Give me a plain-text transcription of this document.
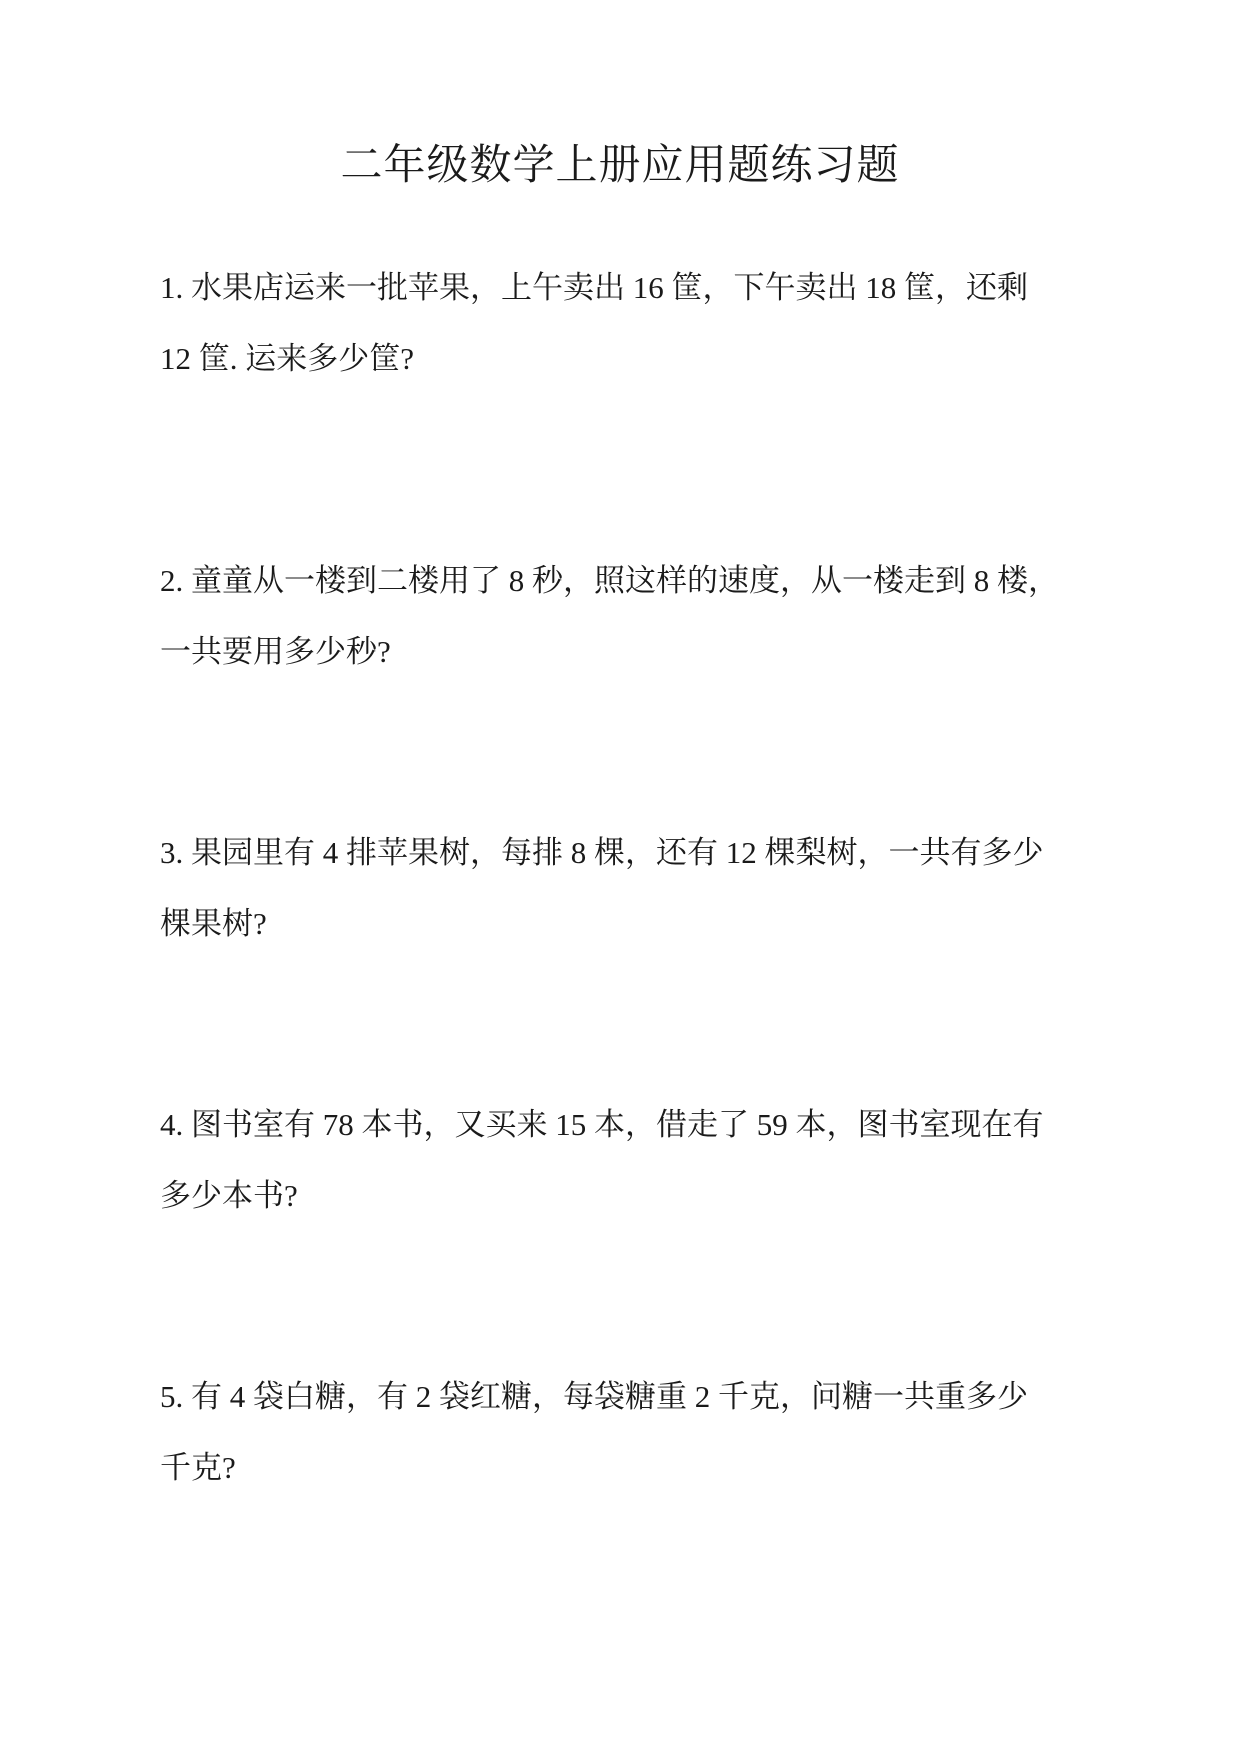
二年级数学上册应用题练习题

1. 水果店运来一批苹果，上午卖出 16 筐，下午卖出 18 筐，还剩
12 筐. 运来多少筐?

2. 童童从一楼到二楼用了 8 秒，照这样的速度，从一楼走到 8 楼，
一共要用多少秒?

3. 果园里有 4 排苹果树，每排 8 棵，还有 12 棵梨树，一共有多少
棵果树?

4. 图书室有 78 本书，又买来 15 本，借走了 59 本，图书室现在有
多少本书?

5. 有 4 袋白糖，有 2 袋红糖，每袋糖重 2 千克，问糖一共重多少
千克?
